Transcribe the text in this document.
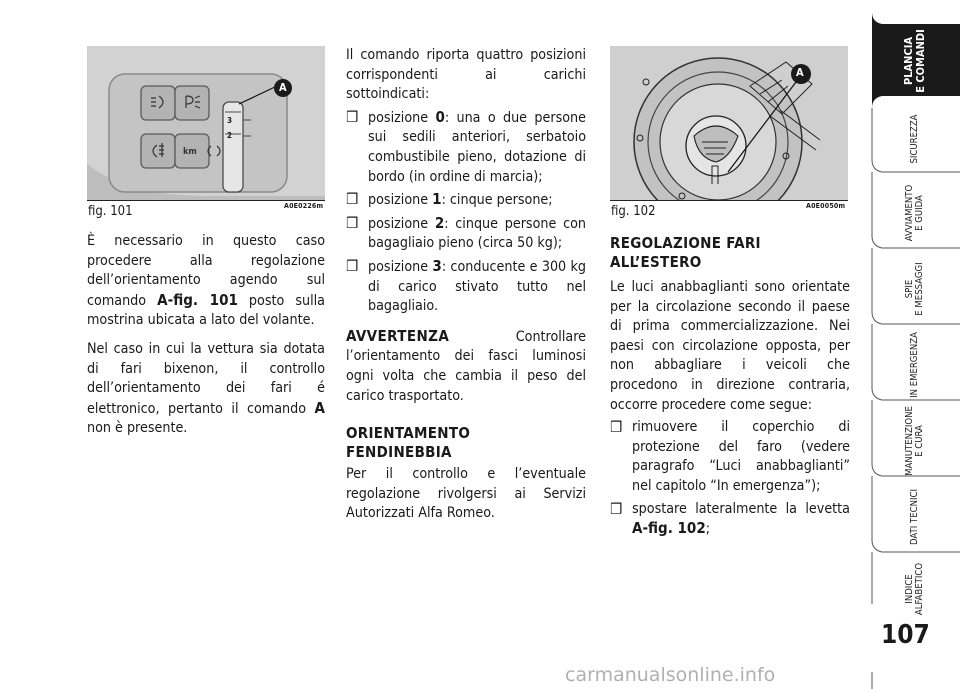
3
2
km
A
fig. 101	A0E0226m
A
fig. 102	A0E0050m

È necessario in questo caso procedere alla regolazione dell’orientamento agendo sul comando A-fig. 101 posto sulla mostrina ubicata a lato del volante.

Nel caso in cui la vettura sia dotata di fari bixenon, il controllo dell’orientamento dei fari é elettronico, pertanto il comando A non è presente.

Il comando riporta quattro posizioni corrispondenti ai carichi sottoindicati:

❒ posizione 0: una o due persone sui sedili anteriori, serbatoio combustibile pieno, dotazione di bordo (in ordine di marcia);
❒ posizione 1: cinque persone;
❒ posizione 2: cinque persone con bagagliaio pieno (circa 50 kg);
❒ posizione 3: conducente e 300 kg di carico stivato tutto nel bagagliaio.

AVVERTENZA Controllare l’orientamento dei fasci luminosi ogni volta che cambia il peso del carico trasportato.

ORIENTAMENTO
FENDINEBBIA

Per il controllo e l’eventuale regolazione rivolgersi ai Servizi Autorizzati Alfa Romeo.

REGOLAZIONE FARI
ALL’ESTERO

Le luci anabbaglianti sono orientate per la circolazione secondo il paese di prima commercializzazione. Nei paesi con circolazione opposta, per non abbagliare i veicoli che procedono in direzione contraria, occorre procedere come segue:

❒ rimuovere il coperchio di protezione del faro (vedere paragrafo “Luci anabbaglianti” nel capitolo “In emergenza”);
❒ spostare lateralmente la levetta A-fig. 102;
PLANCIA
E COMANDI
SICUREZZA
AVVIAMENTO
E GUIDA
SPIE
E MESSAGGI
IN EMERGENZA
MANUTENZIONE
E CURA
DATI TECNICI
INDICE
ALFABETICO
107
carmanualsonline.info
